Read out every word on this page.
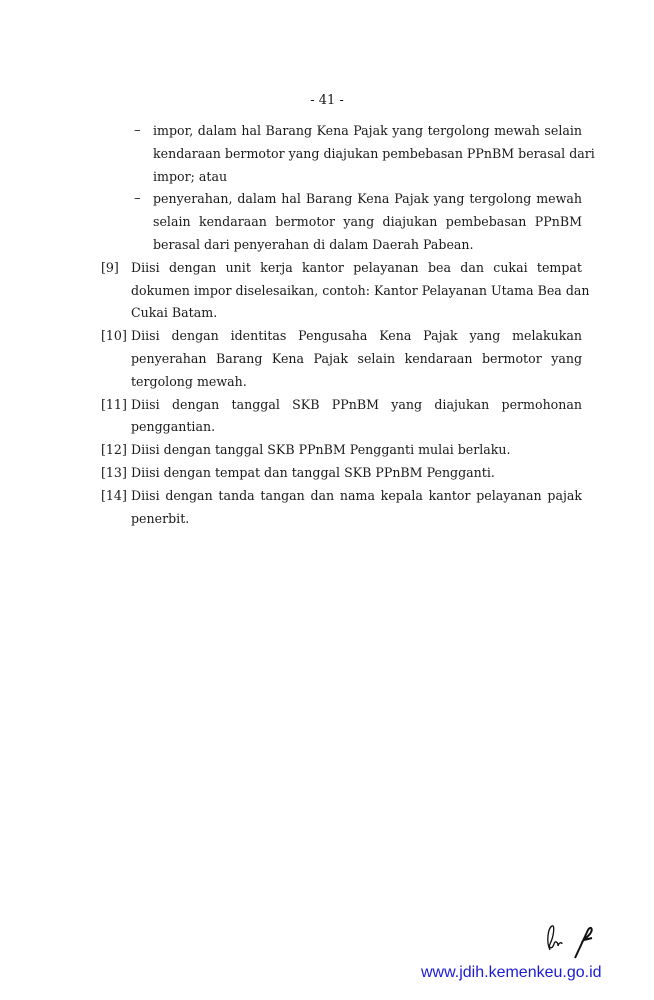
- 41 -
– impor, dalam hal Barang Kena Pajak yang tergolong mewah selain
kendaraan bermotor yang diajukan pembebasan PPnBM berasal dari
impor; atau
– penyerahan, dalam hal Barang Kena Pajak yang tergolong mewah
selain kendaraan bermotor yang diajukan pembebasan PPnBM
berasal dari penyerahan di dalam Daerah Pabean.
[9] Diisi dengan unit kerja kantor pelayanan bea dan cukai tempat
dokumen impor diselesaikan, contoh: Kantor Pelayanan Utama Bea dan
Cukai Batam.
[10] Diisi dengan identitas Pengusaha Kena Pajak yang melakukan
penyerahan Barang Kena Pajak selain kendaraan bermotor yang
tergolong mewah.
[11] Diisi dengan tanggal SKB PPnBM yang diajukan permohonan
penggantian.
[12] Diisi dengan tanggal SKB PPnBM Pengganti mulai berlaku.
[13] Diisi dengan tempat dan tanggal SKB PPnBM Pengganti.
[14] Diisi dengan tanda tangan dan nama kepala kantor pelayanan pajak
penerbit.
www.jdih.kemenkeu.go.id
